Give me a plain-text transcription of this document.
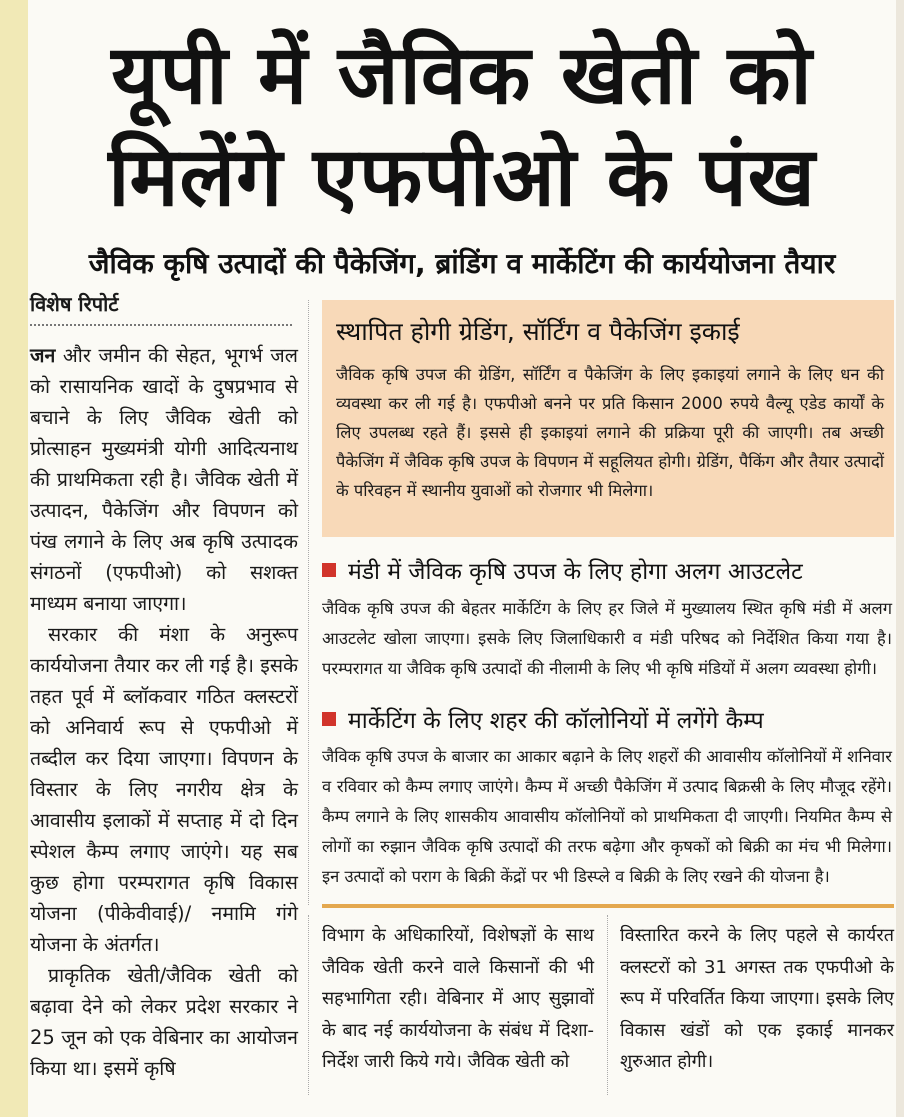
यूपी में जैविक खेती को
मिलेंगे एफपीओ के पंख
जैविक कृषि उत्पादों की पैकेजिंग, ब्रांडिंग व मार्केटिंग की कार्ययोजना तैयार
विशेष रिपोर्ट

जन और जमीन की सेहत, भूगर्भ जल को रासायनिक खादों के दुषप्रभाव से बचाने के लिए जैविक खेती को प्रोत्साहन मुख्यमंत्री योगी आदित्यनाथ की प्राथमिकता रही है। जैविक खेती में उत्पादन, पैकेजिंग और विपणन को पंख लगाने के लिए अब कृषि उत्पादक संगठनों (एफपीओ) को सशक्त माध्यम बनाया जाएगा।

सरकार की मंशा के अनुरूप कार्ययोजना तैयार कर ली गई है। इसके तहत पूर्व में ब्लॉकवार गठित क्लस्टरों को अनिवार्य रूप से एफपीओ में तब्दील कर दिया जाएगा। विपणन के विस्तार के लिए नगरीय क्षेत्र के आवासीय इलाकों में सप्ताह में दो दिन स्पेशल कैम्प लगाए जाएंगे। यह सब कुछ होगा परम्परागत कृषि विकास योजना (पीकेवीवाई)/ नमामि गंगे योजना के अंतर्गत।

प्राकृतिक खेती/जैविक खेती को बढ़ावा देने को लेकर प्रदेश सरकार ने 25 जून को एक वेबिनार का आयोजन किया था। इसमें कृषि

स्थापित होगी ग्रेडिंग, सॉर्टिंग व पैकेजिंग इकाई
जैविक कृषि उपज की ग्रेडिंग, सॉर्टिंग व पैकेजिंग के लिए इकाइयां लगाने के लिए धन की व्यवस्था कर ली गई है। एफपीओ बनने पर प्रति किसान 2000 रुपये वैल्यू एडेड कार्यों के लिए उपलब्ध रहते हैं। इससे ही इकाइयां लगाने की प्रक्रिया पूरी की जाएगी। तब अच्छी पैकेजिंग में जैविक कृषि उपज के विपणन में सहूलियत होगी। ग्रेडिंग, पैकिंग और तैयार उत्पादों के परिवहन में स्थानीय युवाओं को रोजगार भी मिलेगा।
मंडी में जैविक कृषि उपज के लिए होगा अलग आउटलेट
जैविक कृषि उपज की बेहतर मार्केटिंग के लिए हर जिले में मुख्यालय स्थित कृषि मंडी में अलग आउटलेट खोला जाएगा। इसके लिए जिलाधिकारी व मंडी परिषद को निर्देशित किया गया है। परम्परागत या जैविक कृषि उत्पादों की नीलामी के लिए भी कृषि मंडियों में अलग व्यवस्था होगी।
मार्केटिंग के लिए शहर की कॉलोनियों में लगेंगे कैम्प
जैविक कृषि उपज के बाजार का आकार बढ़ाने के लिए शहरों की आवासीय कॉलोनियों में शनिवार व रविवार को कैम्प लगाए जाएंगे। कैम्प में अच्छी पैकेजिंग में उत्पाद बिक्रस्री के लिए मौजूद रहेंगे। कैम्प लगाने के लिए शासकीय आवासीय कॉलोनियों को प्राथमिकता दी जाएगी। नियमित कैम्प से लोगों का रुझान जैविक कृषि उत्पादों की तरफ बढ़ेगा और कृषकों को बिक्री का मंच भी मिलेगा। इन उत्पादों को पराग के बिक्री केंद्रों पर भी डिस्प्ले व बिक्री के लिए रखने की योजना है।
विभाग के अधिकारियों, विशेषज्ञों के साथ जैविक खेती करने वाले किसानों की भी सहभागिता रही। वेबिनार में आए सुझावों के बाद नई कार्ययोजना के संबंध में दिशा-निर्देश जारी किये गये। जैविक खेती को
विस्तारित करने के लिए पहले से कार्यरत क्लस्टरों को 31 अगस्त तक एफपीओ के रूप में परिवर्तित किया जाएगा। इसके लिए विकास खंडों को एक इकाई मानकर शुरुआत होगी।
